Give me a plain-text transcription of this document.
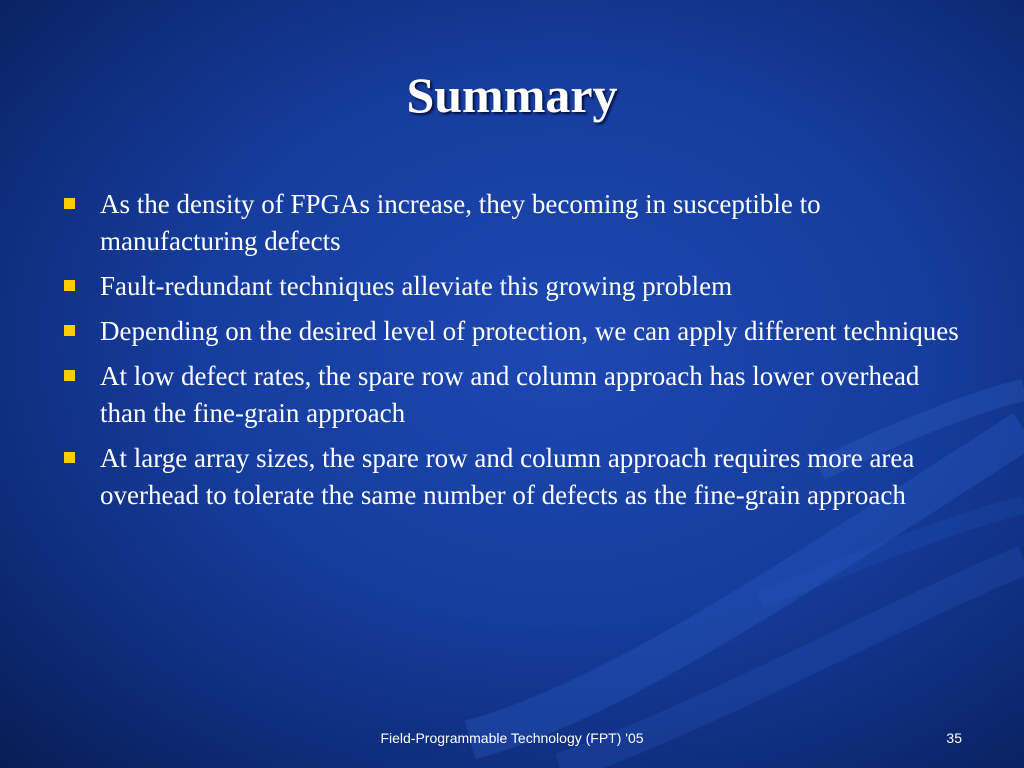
Summary
As the density of FPGAs increase, they becoming in susceptible to manufacturing defects
Fault-redundant techniques alleviate this growing problem
Depending on the desired level of protection, we can apply different techniques
At low defect rates, the spare row and column approach has lower overhead than the fine-grain approach
At large array sizes, the spare row and column approach requires more area overhead to tolerate the same number of defects as the fine-grain approach
Field-Programmable Technology (FPT) '05	35
